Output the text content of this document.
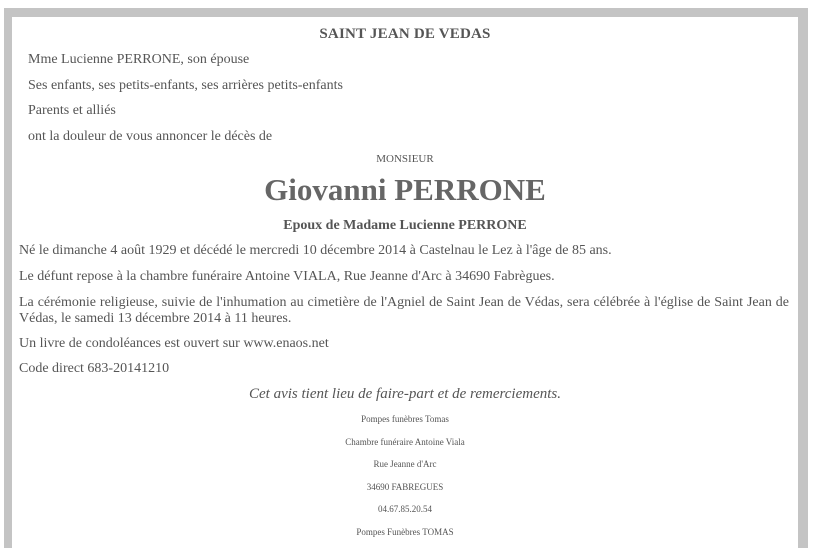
SAINT JEAN DE VEDAS
Mme Lucienne PERRONE, son épouse
Ses enfants, ses petits-enfants, ses arrières petits-enfants
Parents et alliés
ont la douleur de vous annoncer le décès de
MONSIEUR
Giovanni PERRONE
Epoux de Madame Lucienne PERRONE
Né le dimanche 4 août 1929 et décédé le mercredi 10 décembre 2014 à Castelnau le Lez à l'âge de 85 ans.
Le défunt repose à la chambre funéraire Antoine VIALA, Rue Jeanne d'Arc à 34690 Fabrègues.
La cérémonie religieuse, suivie de l'inhumation au cimetière de l'Agniel de Saint Jean de Védas, sera célébrée à l'église de Saint Jean de Védas, le samedi 13 décembre 2014 à 11 heures.
Un livre de condoléances est ouvert sur www.enaos.net
Code direct 683-20141210
Cet avis tient lieu de faire-part et de remerciements.
Pompes funèbres Tomas
Chambre funéraire Antoine Viala
Rue Jeanne d'Arc
34690 FABREGUES
04.67.85.20.54
Pompes Funèbres TOMAS
